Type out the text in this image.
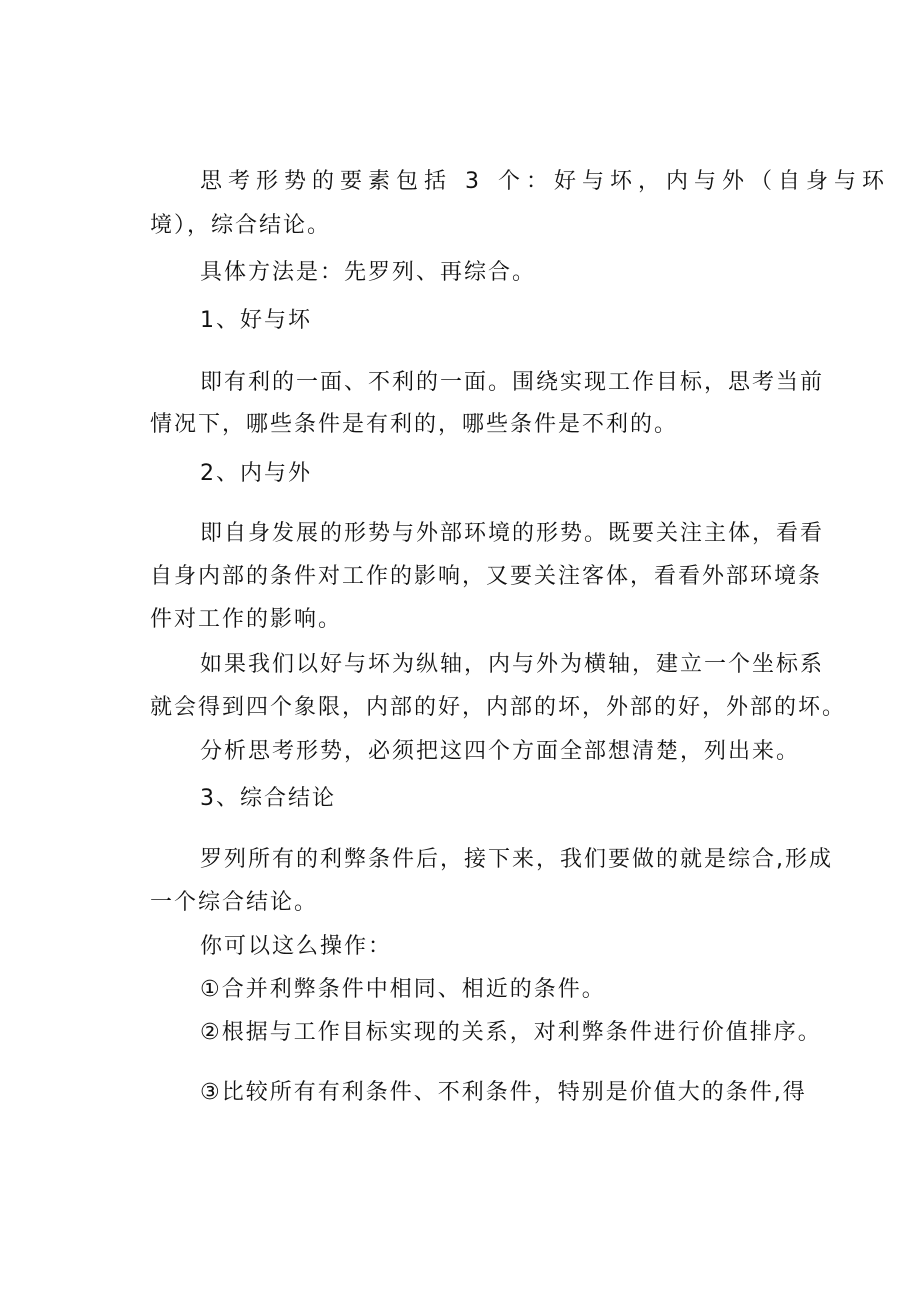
思考形势的要素包括 3 个：好与坏，内与外（自身与环
境），综合结论。
具体方法是：先罗列、再综合。
1、好与坏
即有利的一面、不利的一面。围绕实现工作目标，思考当前
情况下，哪些条件是有利的，哪些条件是不利的。
2、内与外
即自身发展的形势与外部环境的形势。既要关注主体，看看
自身内部的条件对工作的影响，又要关注客体，看看外部环境条
件对工作的影响。
如果我们以好与坏为纵轴，内与外为横轴，建立一个坐标系
就会得到四个象限，内部的好，内部的坏，外部的好，外部的坏。
分析思考形势，必须把这四个方面全部想清楚，列出来。
3、综合结论
罗列所有的利弊条件后，接下来，我们要做的就是综合,形成
一个综合结论。
你可以这么操作：
①合并利弊条件中相同、相近的条件。
②根据与工作目标实现的关系，对利弊条件进行价值排序。
③比较所有有利条件、不利条件，特别是价值大的条件,得
